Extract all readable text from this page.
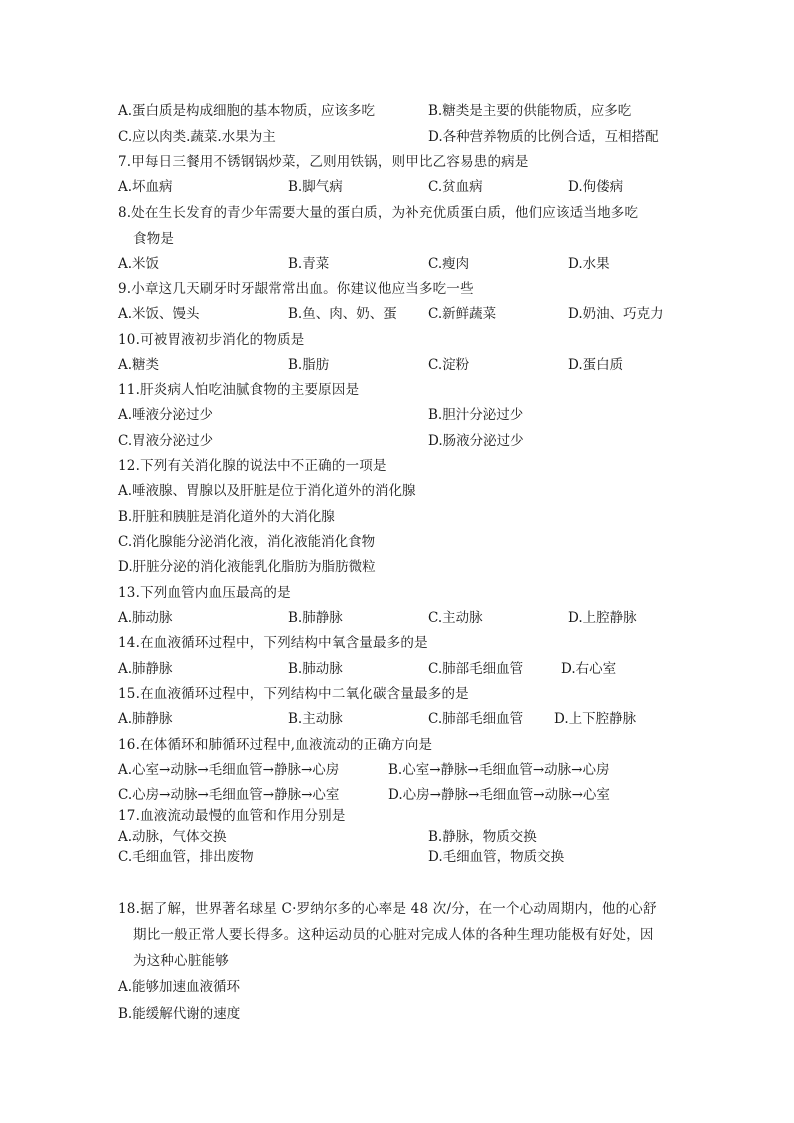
A.蛋白质是构成细胞的基本物质，应该多吃	B.糖类是主要的供能物质，应多吃
C.应以肉类.蔬菜.水果为主	D.各种营养物质的比例合适，互相搭配
7.甲每日三餐用不锈钢锅炒菜，乙则用铁锅，则甲比乙容易患的病是
A.坏血病	B.脚气病	C.贫血病	D.佝偻病
8.处在生长发育的青少年需要大量的蛋白质，为补充优质蛋白质，他们应该适当地多吃
食物是
A.米饭	B.青菜	C.瘦肉	D.水果
9.小章这几天刷牙时牙龈常常出血。你建议他应当多吃一些
A.米饭、馒头	B.鱼、肉、奶、蛋 C.新鲜蔬菜	D.奶油、巧克力
10.可被胃液初步消化的物质是
A.糖类	B.脂肪	C.淀粉	D.蛋白质
11.肝炎病人怕吃油腻食物的主要原因是
A.唾液分泌过少	B.胆汁分泌过少
C.胃液分泌过少	D.肠液分泌过少
12.下列有关消化腺的说法中不正确的一项是
A.唾液腺、胃腺以及肝脏是位于消化道外的消化腺
B.肝脏和胰脏是消化道外的大消化腺
C.消化腺能分泌消化液，消化液能消化食物
D.肝脏分泌的消化液能乳化脂肪为脂肪微粒
13.下列血管内血压最高的是
A.肺动脉	B.肺静脉	C.主动脉	D.上腔静脉
14.在血液循环过程中，下列结构中氧含量最多的是
A.肺静脉	B.肺动脉	C.肺部毛细血管	D.右心室
15.在血液循环过程中，下列结构中二氧化碳含量最多的是
A.肺静脉	B.主动脉	C.肺部毛细血管 D.上下腔静脉
16.在体循环和肺循环过程中,血液流动的正确方向是
A.心室→动脉→毛细血管→静脉→心房	B.心室→静脉→毛细血管→动脉→心房
C.心房→动脉→毛细血管→静脉→心室	D.心房→静脉→毛细血管→动脉→心室
17.血液流动最慢的血管和作用分别是
A.动脉，气体交换	B.静脉，物质交换
C.毛细血管，排出废物	D.毛细血管，物质交换
18.据了解，世界著名球星 C·罗纳尔多的心率是 48 次/分，在一个心动周期内，他的心舒
期比一般正常人要长得多。这种运动员的心脏对完成人体的各种生理功能极有好处，因
为这种心脏能够
A.能够加速血液循环
B.能缓解代谢的速度
